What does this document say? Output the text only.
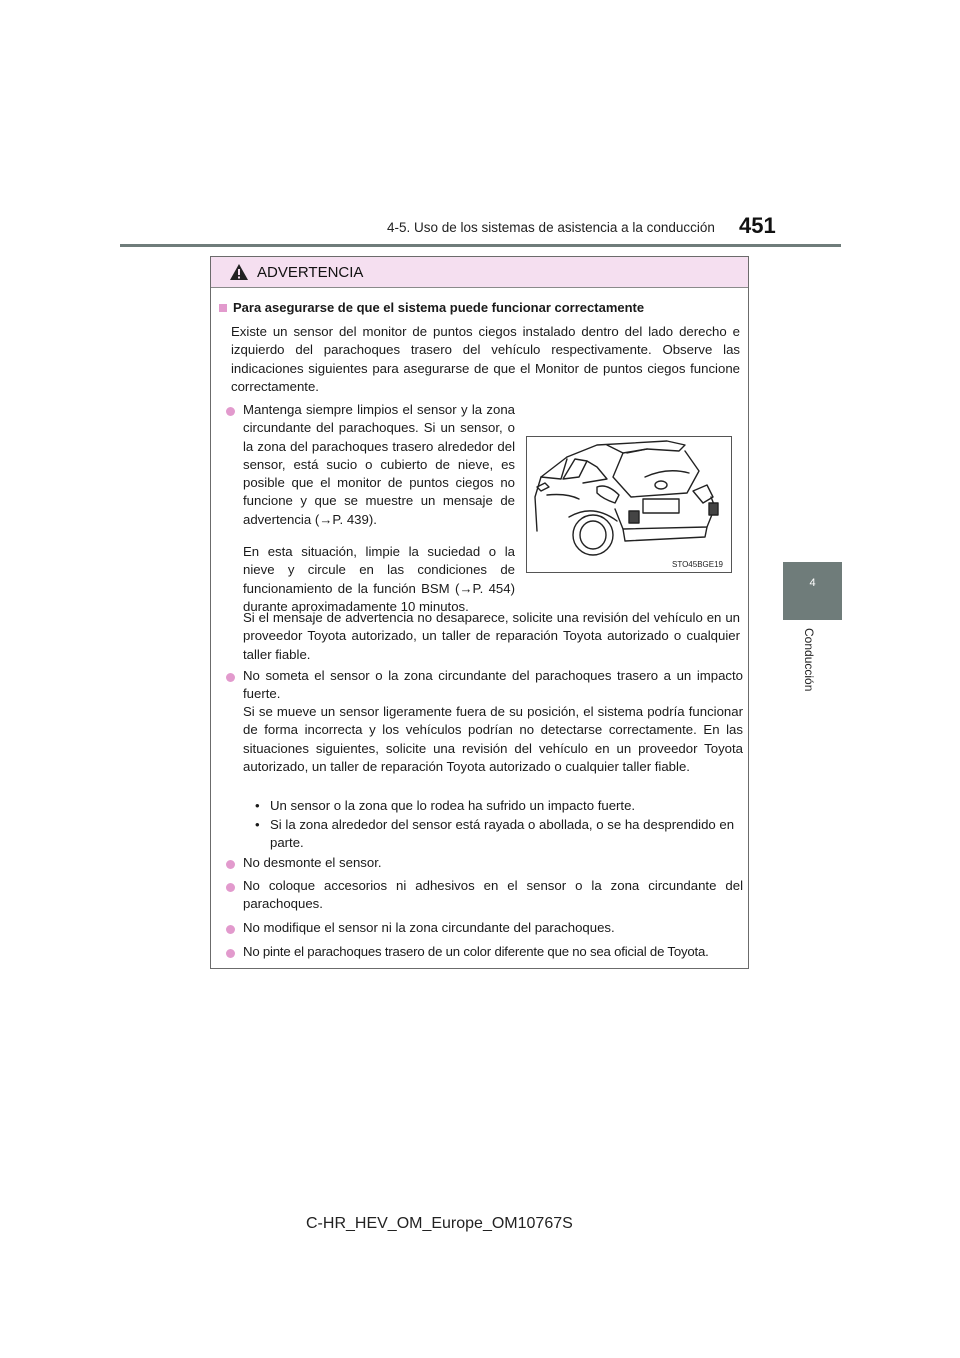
4-5. Uso de los sistemas de asistencia a la conducción 451
4
Conducción
ADVERTENCIA
Para asegurarse de que el sistema puede funcionar correctamente

Existe un sensor del monitor de puntos ciegos instalado dentro del lado derecho e izquierdo del parachoques trasero del vehículo respectivamente. Observe las indicaciones siguientes para asegurarse de que el Monitor de puntos ciegos funcione correctamente.

Mantenga siempre limpios el sensor y la zona circundante del parachoques. Si un sensor, o la zona del parachoques trasero alrededor del sensor, está sucio o cubierto de nieve, es posible que el monitor de puntos ciegos no funcione y que se muestre un mensaje de advertencia (→P. 439).

En esta situación, limpie la suciedad o la nieve y circule en las condiciones de funcionamiento de la función BSM (→P. 454) durante aproximadamente 10 minutos.

STO45BGE19

Si el mensaje de advertencia no desaparece, solicite una revisión del vehículo en un proveedor Toyota autorizado, un taller de reparación Toyota autorizado o cualquier taller fiable.

No someta el sensor o la zona circundante del parachoques trasero a un impacto fuerte.

Si se mueve un sensor ligeramente fuera de su posición, el sistema podría funcionar de forma incorrecta y los vehículos podrían no detectarse correctamente. En las situaciones siguientes, solicite una revisión del vehículo en un proveedor Toyota autorizado, un taller de reparación Toyota autorizado o cualquier taller fiable.

• Un sensor o la zona que lo rodea ha sufrido un impacto fuerte.
• Si la zona alrededor del sensor está rayada o abollada, o se ha desprendido en parte.

No desmonte el sensor.

No coloque accesorios ni adhesivos en el sensor o la zona circundante del parachoques.

No modifique el sensor ni la zona circundante del parachoques.

No pinte el parachoques trasero de un color diferente que no sea oficial de Toyota.

C-HR_HEV_OM_Europe_OM10767S
